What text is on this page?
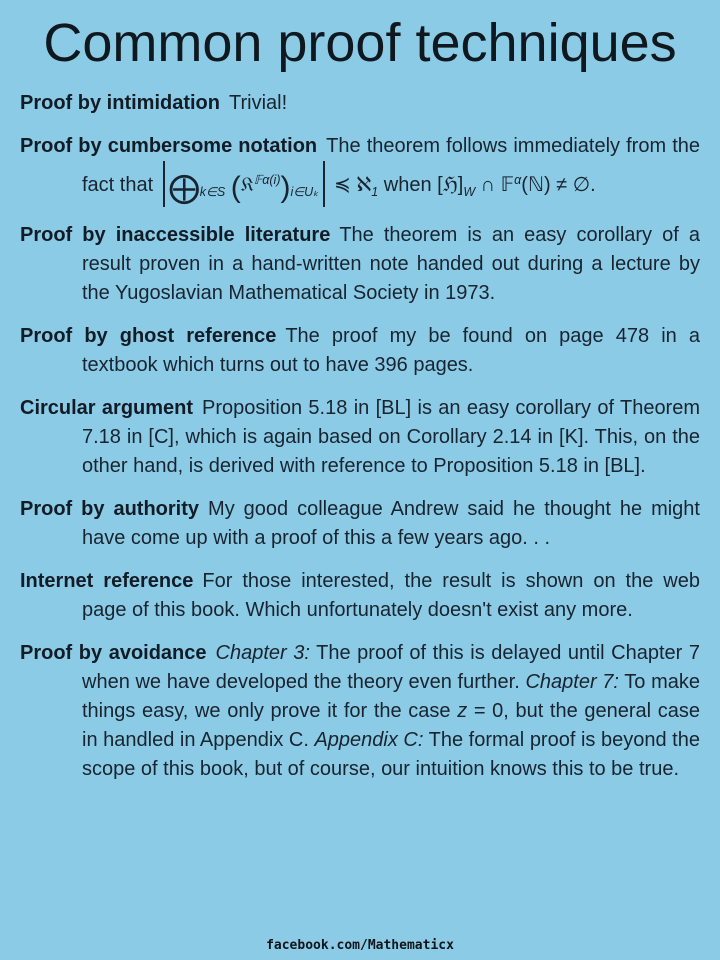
Common proof techniques
Proof by intimidation Trivial!
Proof by cumbersome notation The theorem follows immediately from the fact that ‖ $⨁_{k\in S}$ $(𝔎^{𝔽\alpha(i)})_{i\in U_k}$ ‖ ≼ ℵ$_1$ when $[ℌ]_W$ ∩ 𝔽$^\alpha$(ℕ) ≠ ∅.
Proof by inaccessible literature The theorem is an easy corollary of a result proven in a hand-written note handed out during a lecture by the Yugoslavian Mathematical Society in 1973.
Proof by ghost reference The proof my be found on page 478 in a textbook which turns out to have 396 pages.
Circular argument Proposition 5.18 in [BL] is an easy corollary of Theorem 7.18 in [C], which is again based on Corollary 2.14 in [K]. This, on the other hand, is derived with reference to Proposition 5.18 in [BL].
Proof by authority My good colleague Andrew said he thought he might have come up with a proof of this a few years ago. . .
Internet reference For those interested, the result is shown on the web page of this book. Which unfortunately doesn't exist any more.
Proof by avoidance Chapter 3: The proof of this is delayed until Chapter 7 when we have developed the theory even further. Chapter 7: To make things easy, we only prove it for the case z = 0, but the general case in handled in Appendix C. Appendix C: The formal proof is beyond the scope of this book, but of course, our intuition knows this to be true.
facebook.com/Mathematicx
